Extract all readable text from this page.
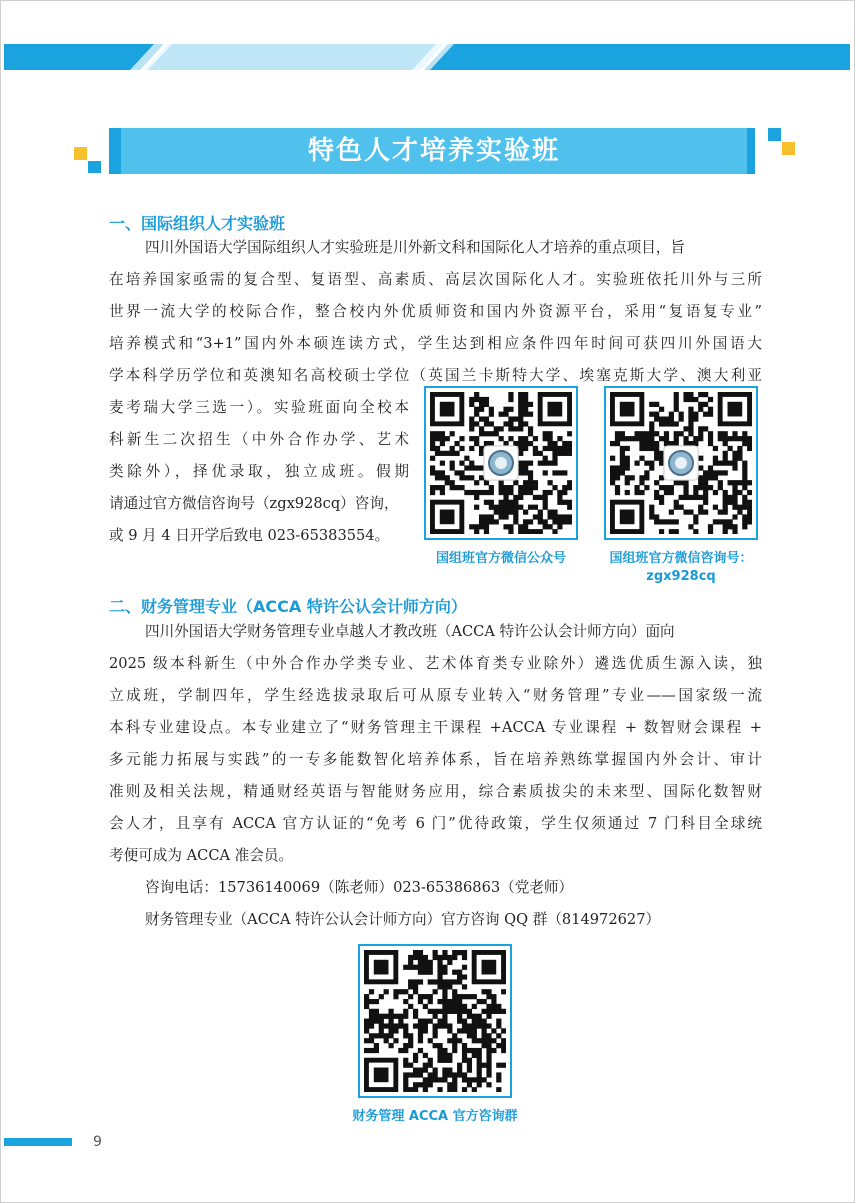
特色人才培养实验班
一、国际组织人才实验班
四川外国语大学国际组织人才实验班是川外新文科和国际化人才培养的重点项目，旨
在培养国家亟需的复合型、复语型、高素质、高层次国际化人才。实验班依托川外与三所
世界一流大学的校际合作，整合校内外优质师资和国内外资源平台，采用“复语复专业”
培养模式和“3+1”国内外本硕连读方式，学生达到相应条件四年时间可获四川外国语大
学本科学历学位和英澳知名高校硕士学位（英国兰卡斯特大学、埃塞克斯大学、澳大利亚
麦考瑞大学三选一）。实验班面向全校本
科新生二次招生（中外合作办学、艺术
类除外），择优录取，独立成班。假期
请通过官方微信咨询号（zgx928cq）咨询，
或 9 月 4 日开学后致电 023-65383554。
国组班官方微信公众号	国组班官方微信咨询号：
zgx928cq
二、财务管理专业（ACCA 特许公认会计师方向）
四川外国语大学财务管理专业卓越人才教改班（ACCA 特许公认会计师方向）面向
2025 级本科新生（中外合作办学类专业、艺术体育类专业除外）遴选优质生源入读，独
立成班，学制四年，学生经选拔录取后可从原专业转入“财务管理”专业——国家级一流
本科专业建设点。本专业建立了“财务管理主干课程 +ACCA 专业课程 + 数智财会课程 +
多元能力拓展与实践”的一专多能数智化培养体系，旨在培养熟练掌握国内外会计、审计
准则及相关法规，精通财经英语与智能财务应用，综合素质拔尖的未来型、国际化数智财
会人才，且享有 ACCA 官方认证的“免考 6 门”优待政策，学生仅须通过 7 门科目全球统
考便可成为 ACCA 准会员。
咨询电话：15736140069（陈老师）023-65386863（党老师）
财务管理专业（ACCA 特许公认会计师方向）官方咨询 QQ 群（814972627）
财务管理 ACCA 官方咨询群
9
